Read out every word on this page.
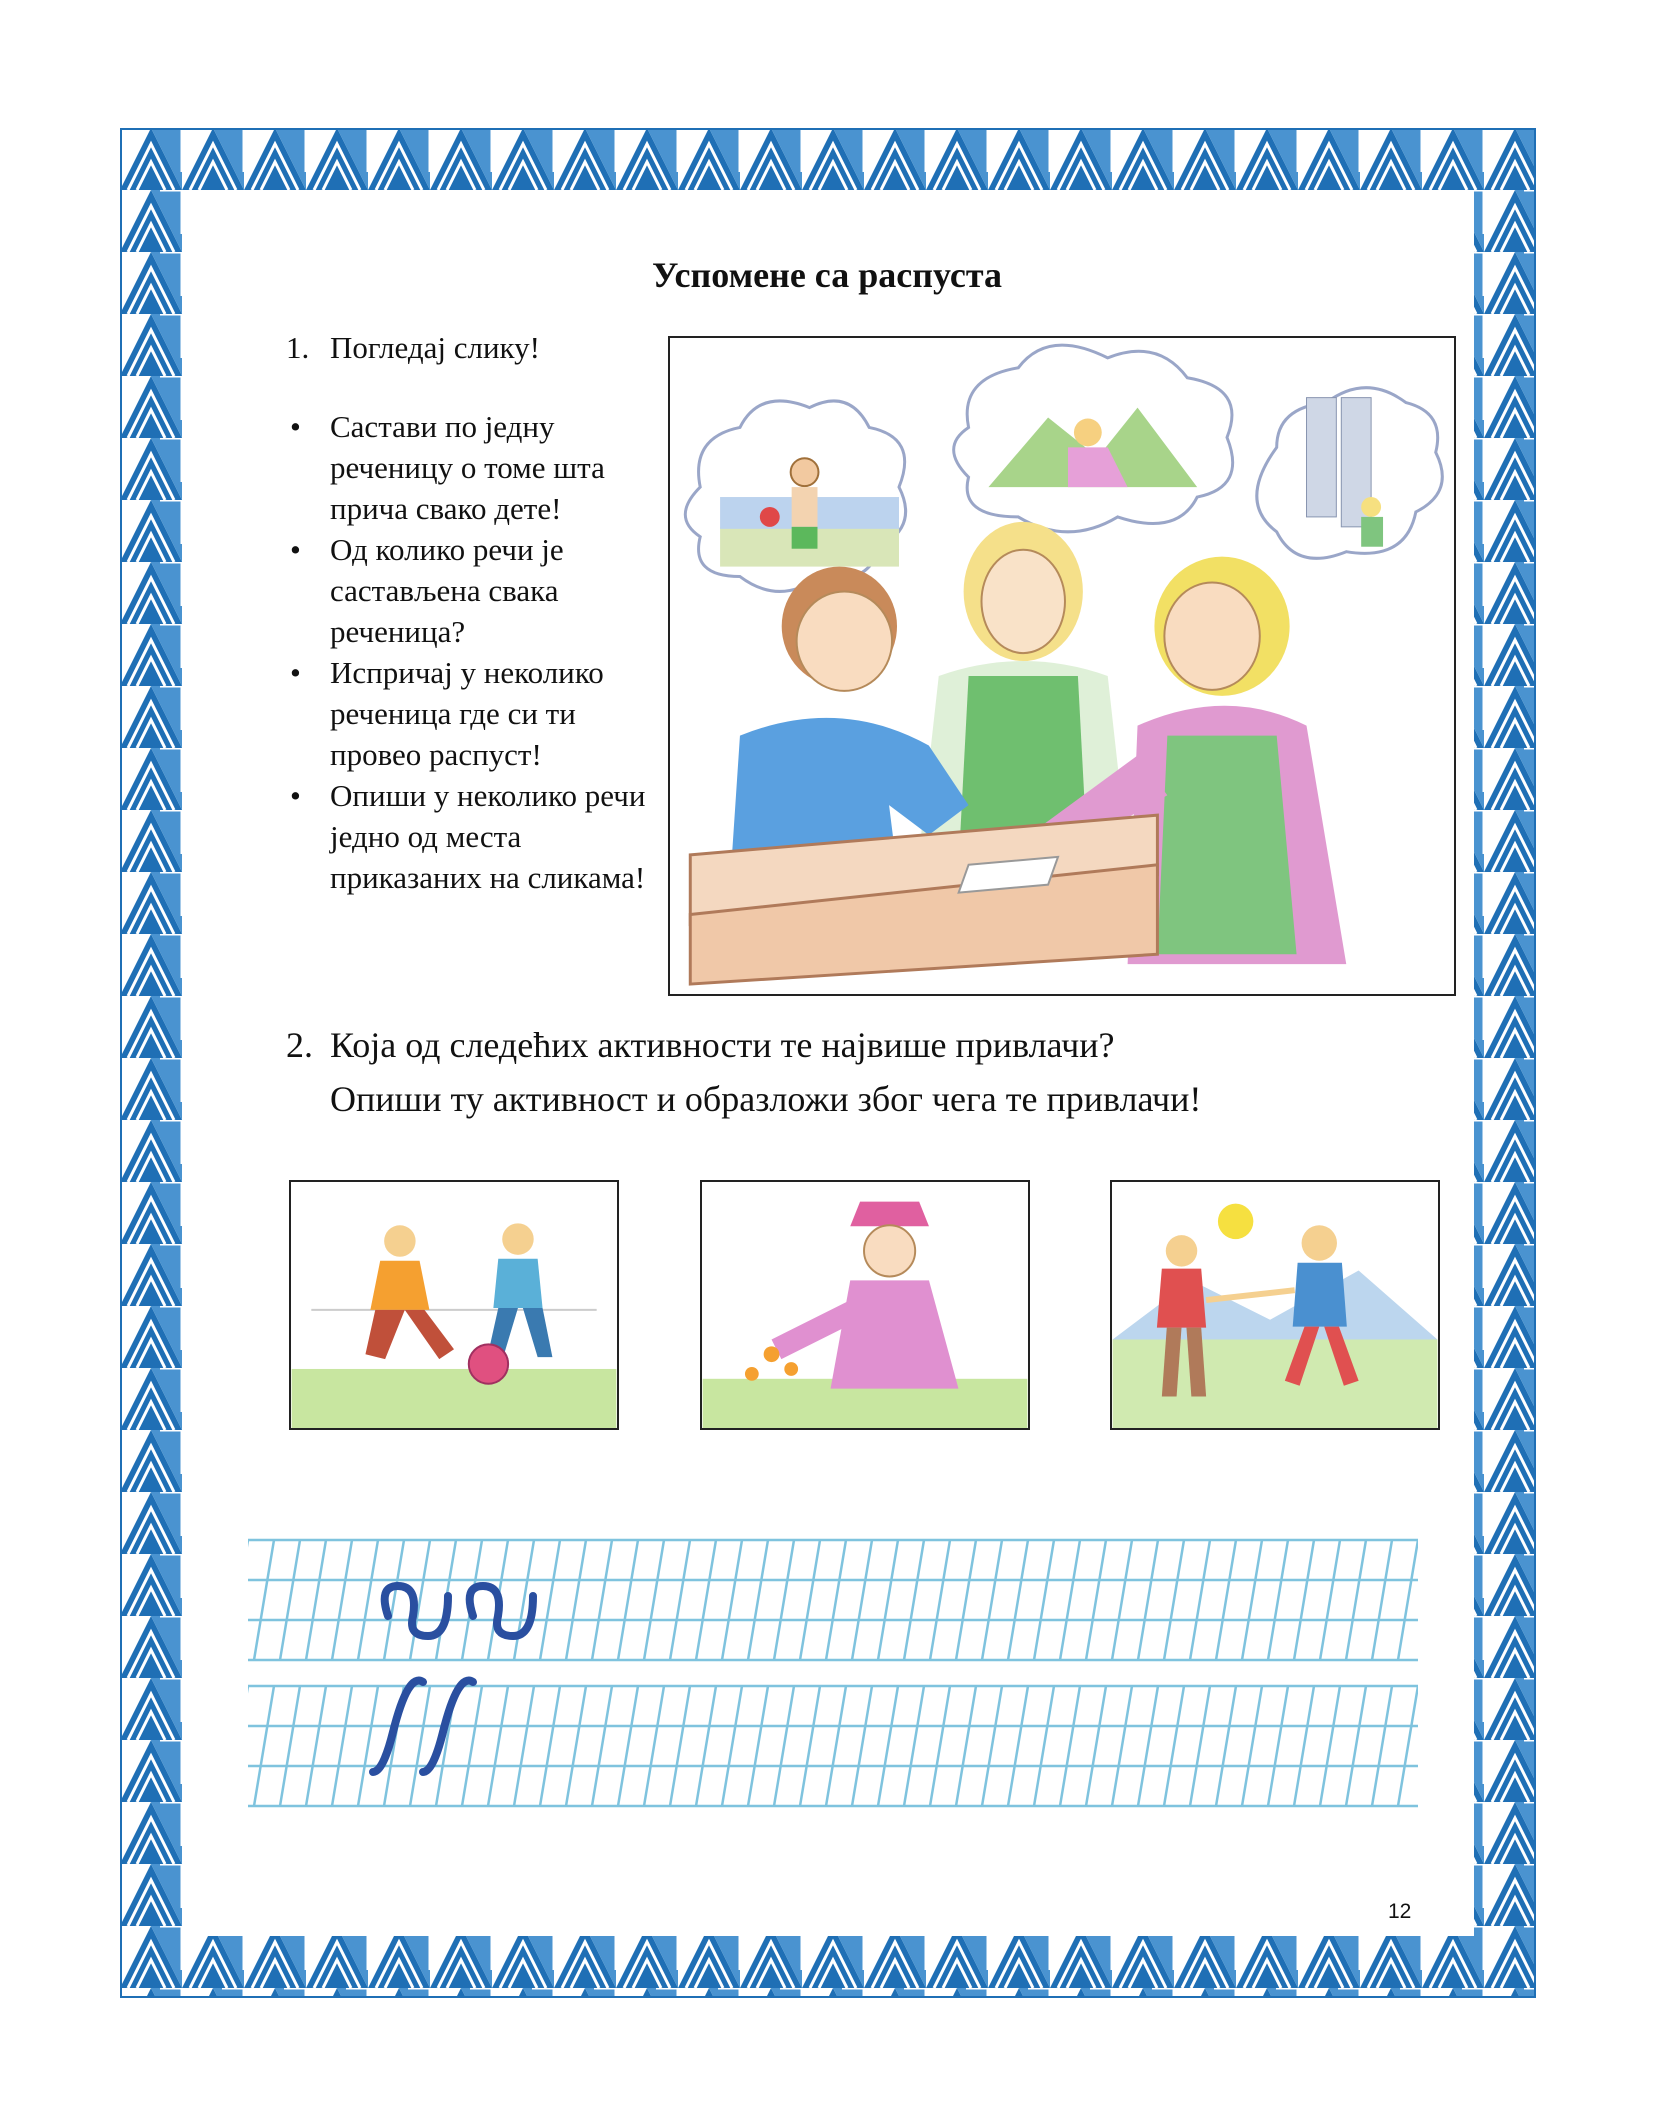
Успомене са распуста
1. Погледај слику!
• Састави по једну реченицу о томе шта прича свако дете!
• Од колико речи је састављена свака реченица?
• Испричај у неколико реченица где си ти провео распуст!
• Опиши у неколико речи једно од места приказаних на сликама!
2. Која од следећих активности те највише привлачи?
Опиши ту активност и образложи због чега те привлачи!
12
